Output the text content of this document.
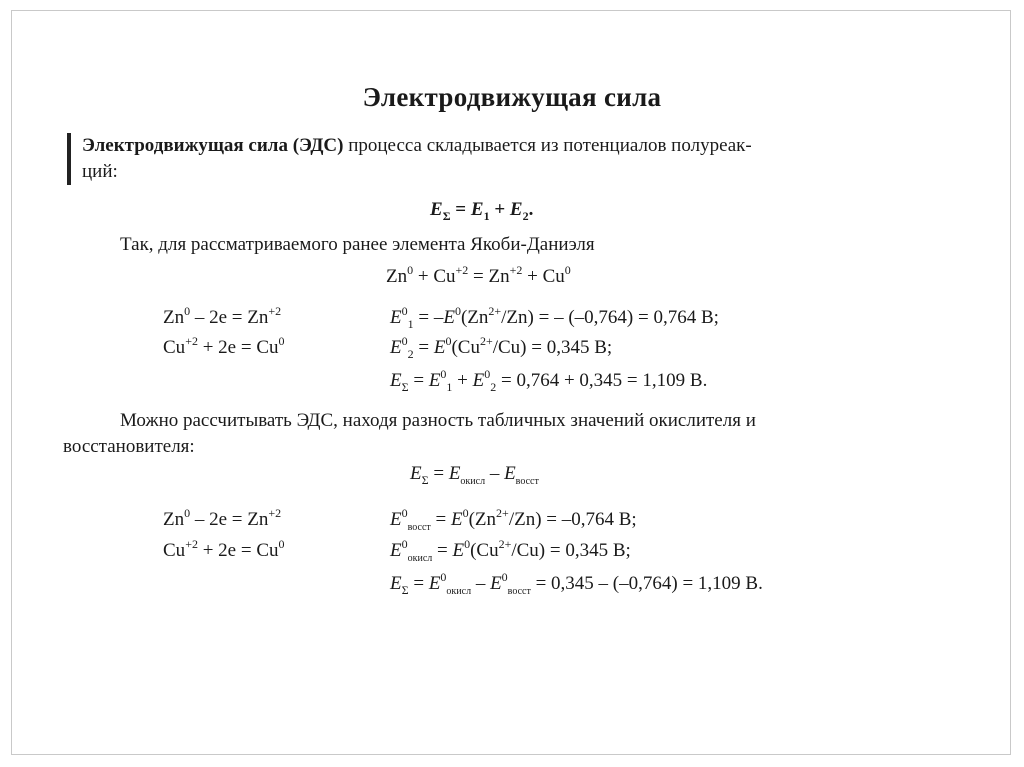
Электродвижущая сила
Электродвижущая сила (ЭДС) процесса складывается из потенциалов полуреак-
ций:
$E_\Sigma = E_1 + E_2$.
Так, для рассматриваемого ранее элемента Якоби-Даниэля
$Zn^0 + Cu^{+2} = Zn^{+2} + Cu^0$
$Zn^0 - 2e = Zn^{+2}$
$Cu^{+2} + 2e = Cu^0$
$E^0_1 = -E^0(Zn^{2+}/Zn)$ = – (–0,764) = 0,764 В;
$E^0_2 = E^0(Cu^{2+}/Cu) = 0,345$ В;
$E_\Sigma = E^0_1 + E^0_2 = 0,764 + 0,345 = 1,109$ В.
Можно рассчитывать ЭДС, находя разность табличных значений окислителя и
восстановителя:
$E_\Sigma = E_{окисл} - E_{восст}$
$Zn^0 - 2e = Zn^{+2}$
$Cu^{+2} + 2e = Cu^0$
$E^0_{восст} = E^0(Zn^{2+}/Zn) = -0,764$ В;
$E^0_{окисл} = E^0(Cu^{2+}/Cu) = 0,345$ В;
$E_\Sigma = E^0_{окисл} - E^0_{восст} = 0,345 - (-0,764) = 1,109$ В.
